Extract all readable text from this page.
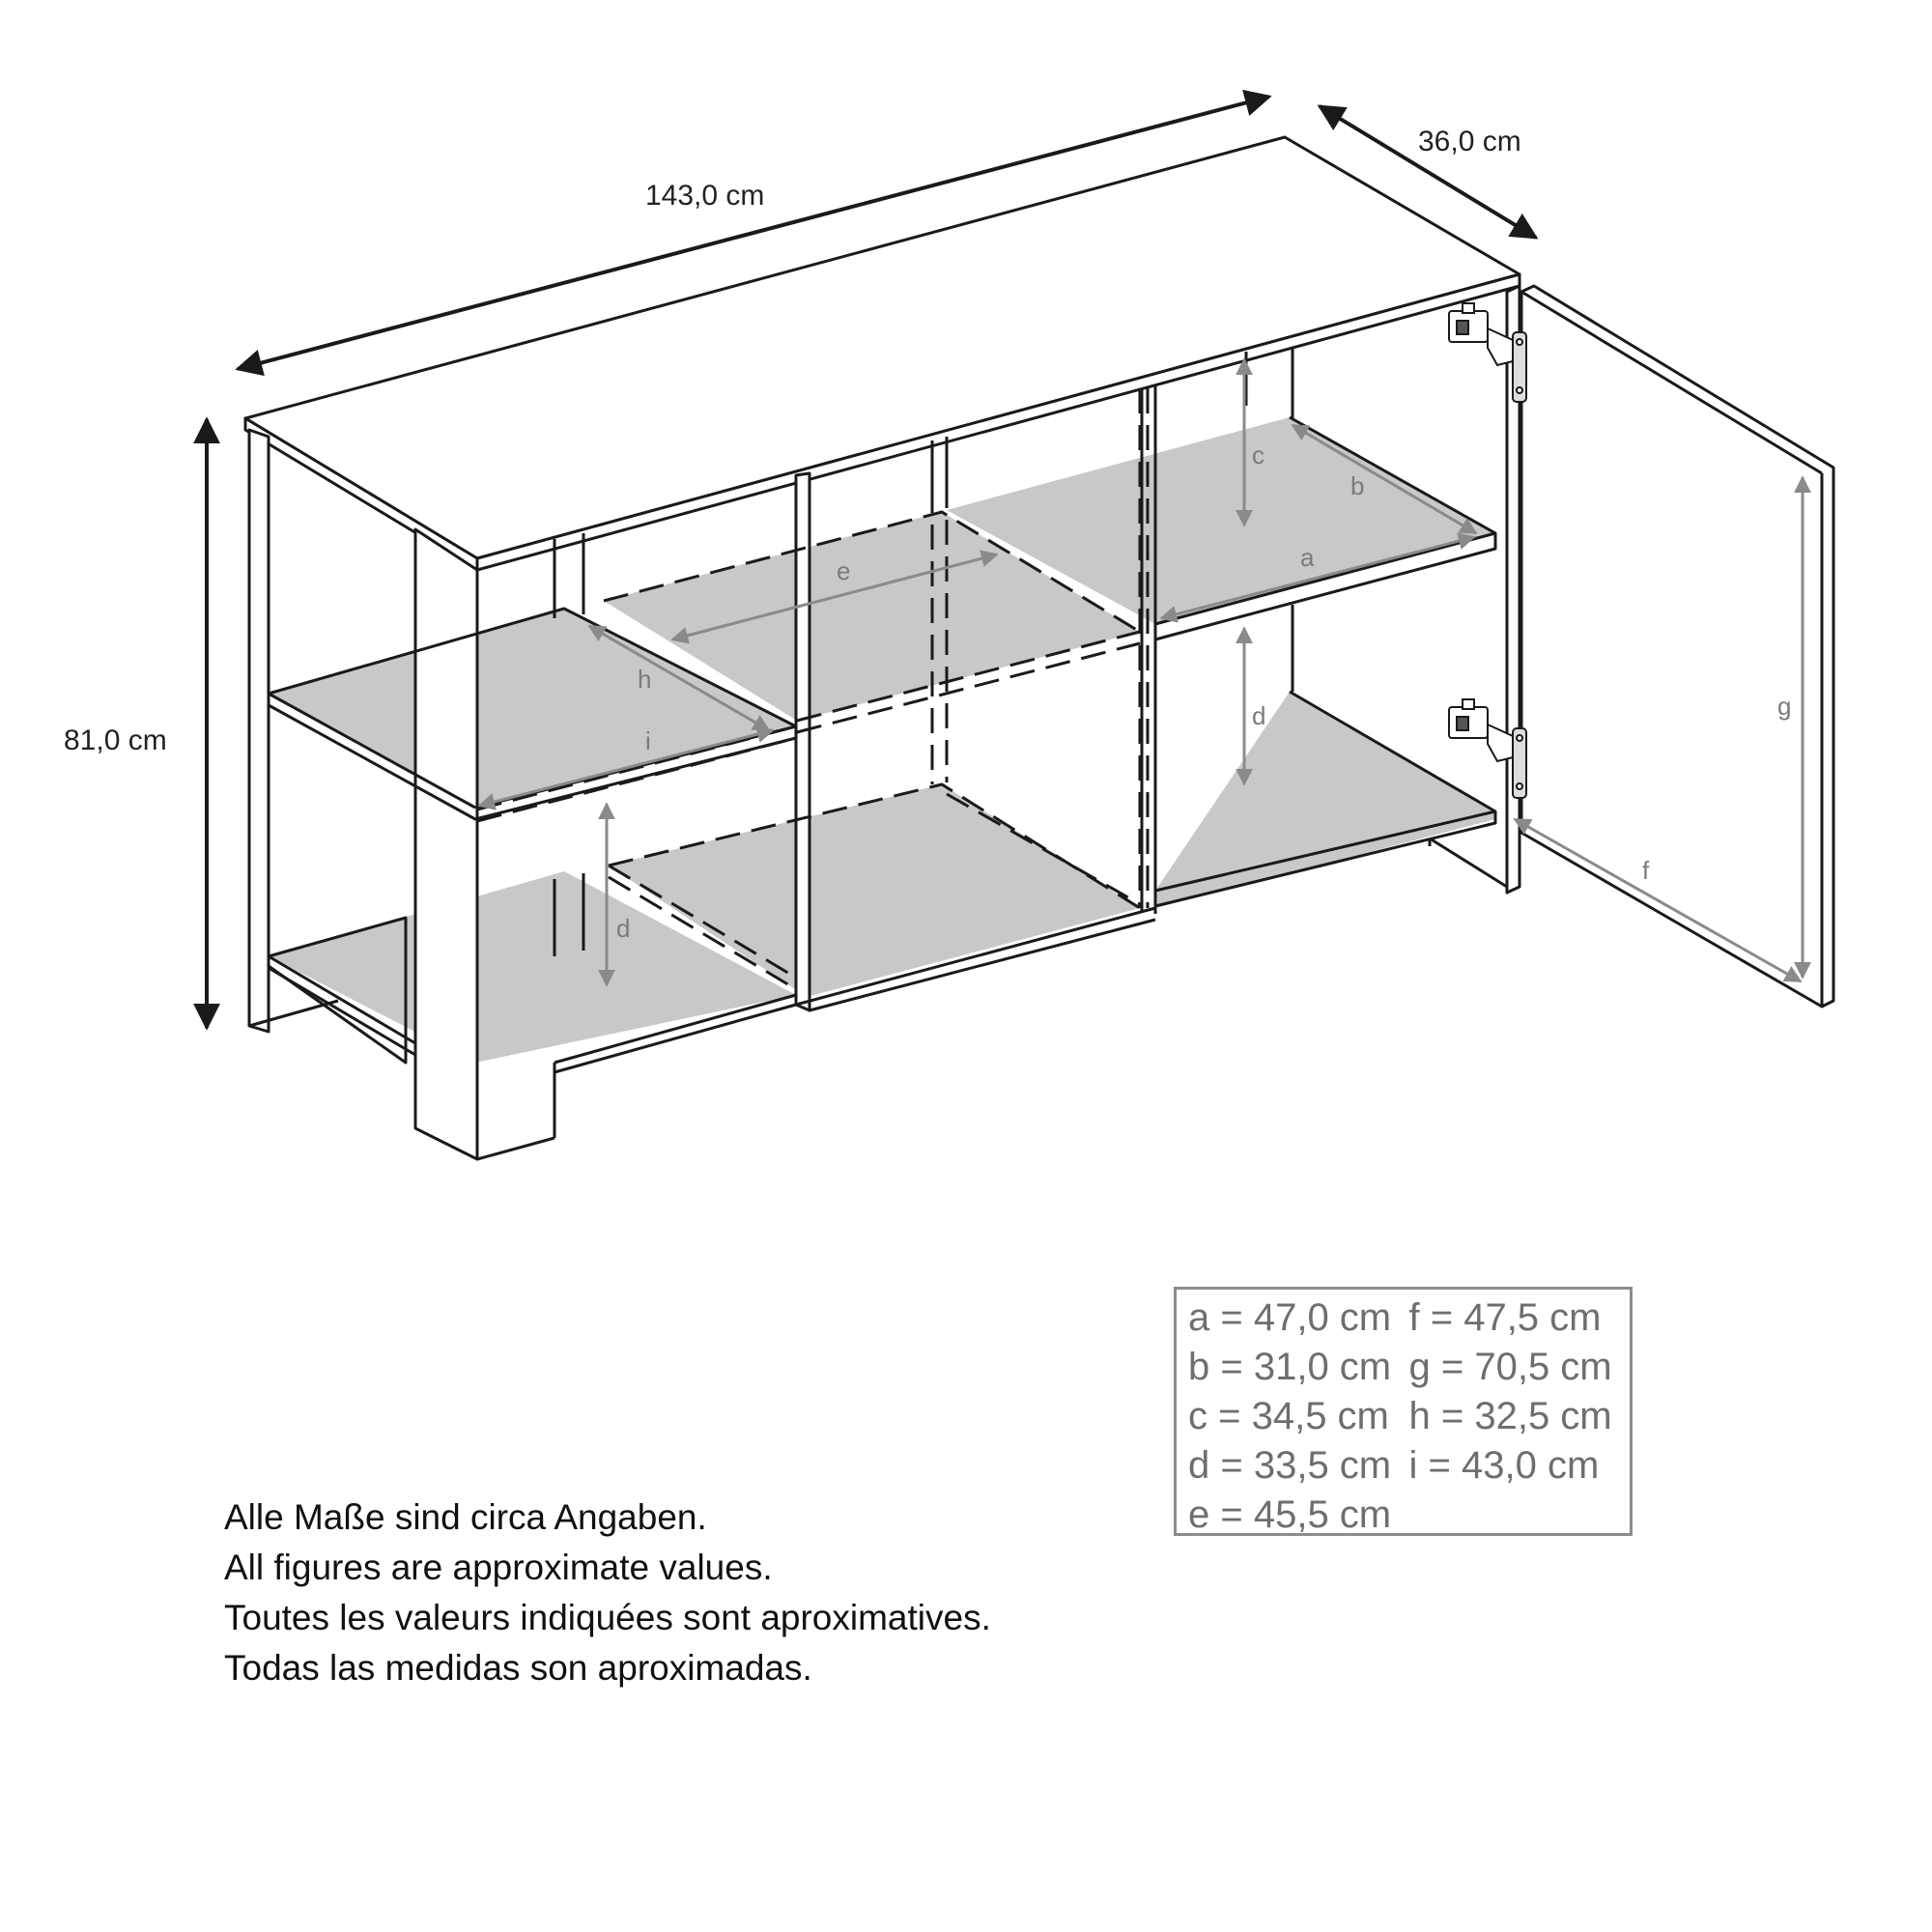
143,0 cm
36,0 cm
81,0 cm
a
b
c
d
d
e
f
g
h
i
a = 47,0 cm f = 47,5 cm
b = 31,0 cm g = 70,5 cm
c = 34,5 cm h = 32,5 cm
d = 33,5 cm i = 43,0 cm
e = 45,5 cm
Alle Maße sind circa Angaben.
All figures are approximate values.
Toutes les valeurs indiquées sont aproximatives.
Todas las medidas son aproximadas.
